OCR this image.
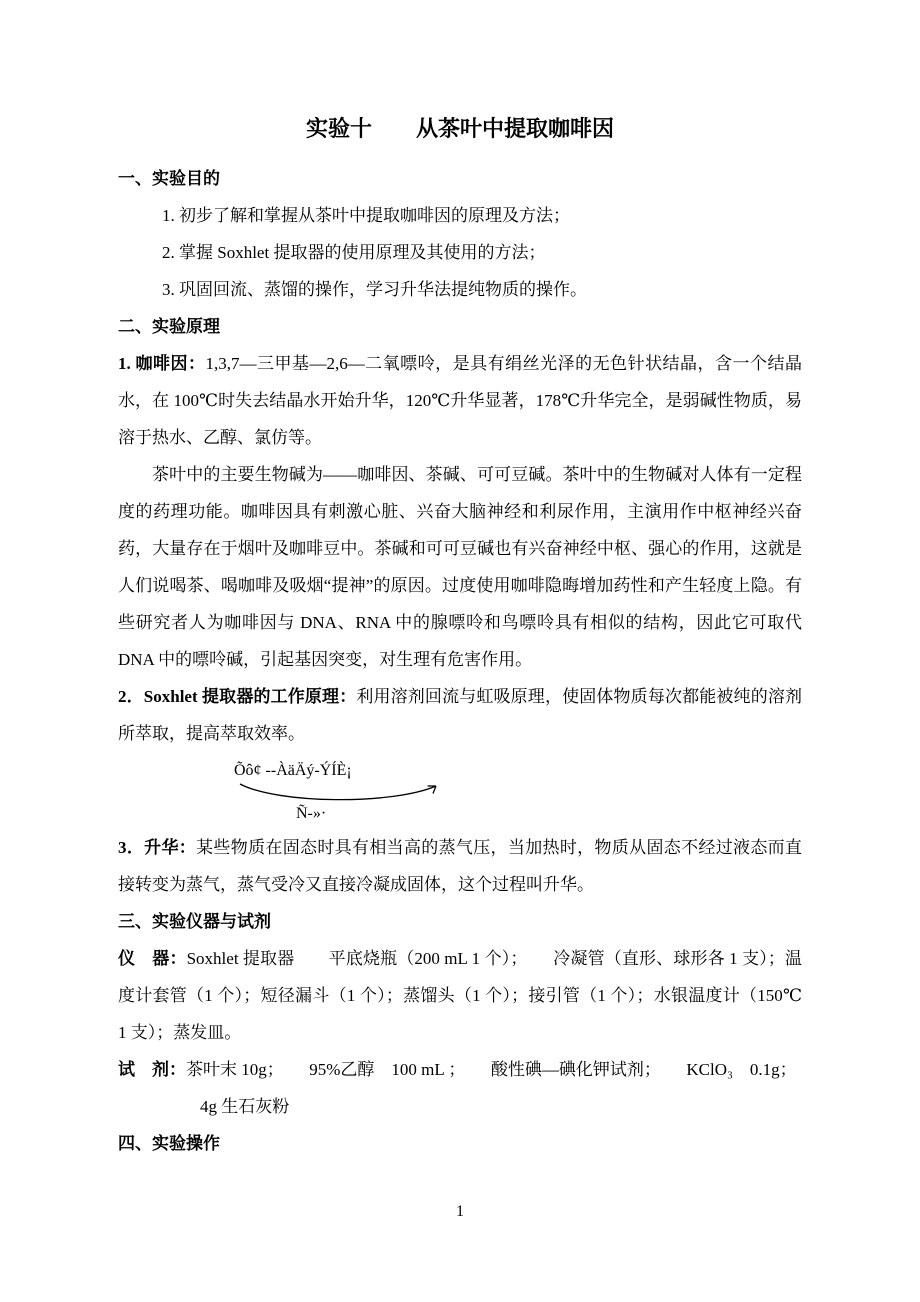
实验十　　从茶叶中提取咖啡因
一、实验目的
1. 初步了解和掌握从茶叶中提取咖啡因的原理及方法；
2. 掌握 Soxhlet 提取器的使用原理及其使用的方法；
3. 巩固回流、蒸馏的操作，学习升华法提纯物质的操作。
二、实验原理
1. 咖啡因：1,3,7—三甲基—2,6—二氧嘌呤，是具有绢丝光泽的无色针状结晶，含一个结晶水，在 100℃时失去结晶水开始升华，120℃升华显著，178℃升华完全，是弱碱性物质，易溶于热水、乙醇、氯仿等。
茶叶中的主要生物碱为——咖啡因、茶碱、可可豆碱。茶叶中的生物碱对人体有一定程度的药理功能。咖啡因具有刺激心脏、兴奋大脑神经和利尿作用，主演用作中枢神经兴奋药，大量存在于烟叶及咖啡豆中。茶碱和可可豆碱也有兴奋神经中枢、强心的作用，这就是人们说喝茶、喝咖啡及吸烟“提神”的原因。过度使用咖啡隐晦增加药性和产生轻度上隐。有些研究者人为咖啡因与 DNA、RNA 中的腺嘌呤和鸟嘌呤具有相似的结构，因此它可取代 DNA 中的嘌呤碱，引起基因突变，对生理有危害作用。
2．Soxhlet 提取器的工作原理：利用溶剂回流与虹吸原理，使固体物质每次都能被纯的溶剂所萃取，提高萃取效率。
Õô¢ --ÀäÄý-ÝÍÈ¡
Ñ-»·
3．升华：某些物质在固态时具有相当高的蒸气压，当加热时，物质从固态不经过液态而直接转变为蒸气，蒸气受冷又直接冷凝成固体，这个过程叫升华。
三、实验仪器与试剂
仪　器：Soxhlet 提取器　　平底烧瓶（200 mL 1 个）；　　冷凝管（直形、球形各 1 支）；温度计套管（1 个）；短径漏斗（1 个）；蒸馏头（1 个）；接引管（1 个）；水银温度计（150℃ 1 支）；蒸发皿。
试　剂：茶叶末 10g；　　95%乙醇　100 mL ；　　酸性碘—碘化钾试剂；　　KClO₃　0.1g；
4g 生石灰粉
四、实验操作
1
